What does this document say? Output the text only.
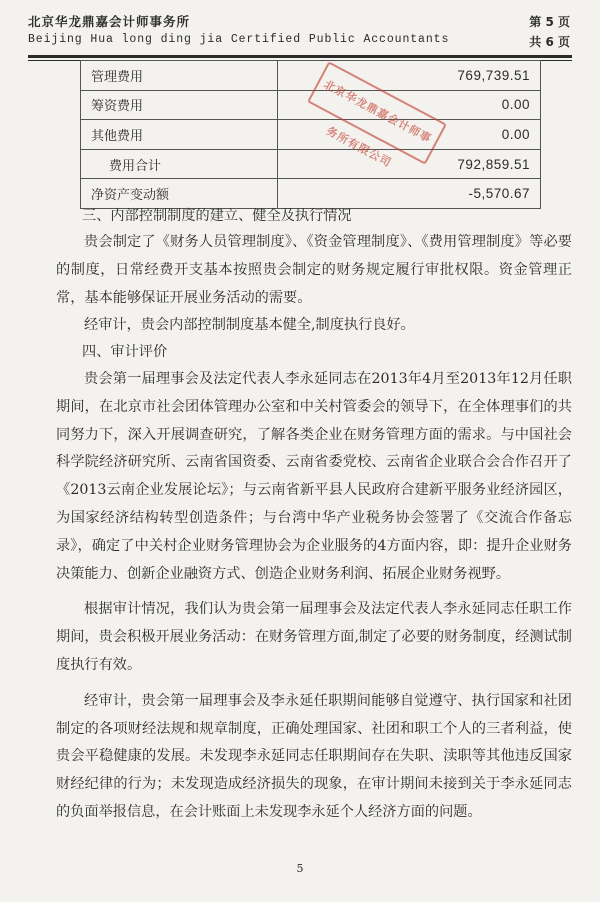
北京华龙鼎嘉会计师事务所
Beijing Hua long ding jia Certified Public Accountants
第 5 页
共 6 页
管理费用	769,739.51
筹资费用	0.00
其他费用	0.00
费用合计	792,859.51
净资产变动额	-5,570.67
北京华龙鼎嘉会计师事务所有限公司
三、内部控制制度的建立、健全及执行情况

贵会制定了《财务人员管理制度》、《资金管理制度》、《费用管理制度》等必要的制度，日常经费开支基本按照贵会制定的财务规定履行审批权限。资金管理正常，基本能够保证开展业务活动的需要。

经审计，贵会内部控制制度基本健全,制度执行良好。

四、审计评价

贵会第一届理事会及法定代表人李永延同志在2013年4月至2013年12月任职期间，在北京市社会团体管理办公室和中关村管委会的领导下，在全体理事们的共同努力下，深入开展调查研究，了解各类企业在财务管理方面的需求。与中国社会科学院经济研究所、云南省国资委、云南省委党校、云南省企业联合会合作召开了《2013云南企业发展论坛》；与云南省新平县人民政府合建新平服务业经济园区，为国家经济结构转型创造条件；与台湾中华产业税务协会签署了《交流合作备忘录》，确定了中关村企业财务管理协会为企业服务的4方面内容，即：提升企业财务决策能力、创新企业融资方式、创造企业财务利润、拓展企业财务视野。

根据审计情况，我们认为贵会第一届理事会及法定代表人李永延同志任职工作期间，贵会积极开展业务活动：在财务管理方面,制定了必要的财务制度，经测试制度执行有效。

经审计，贵会第一届理事会及李永延任职期间能够自觉遵守、执行国家和社团制定的各项财经法规和规章制度，正确处理国家、社团和职工个人的三者利益，使贵会平稳健康的发展。未发现李永延同志任职期间存在失职、渎职等其他违反国家财经纪律的行为；未发现造成经济损失的现象，在审计期间未接到关于李永延同志的负面举报信息，在会计账面上未发现李永延个人经济方面的问题。

5
